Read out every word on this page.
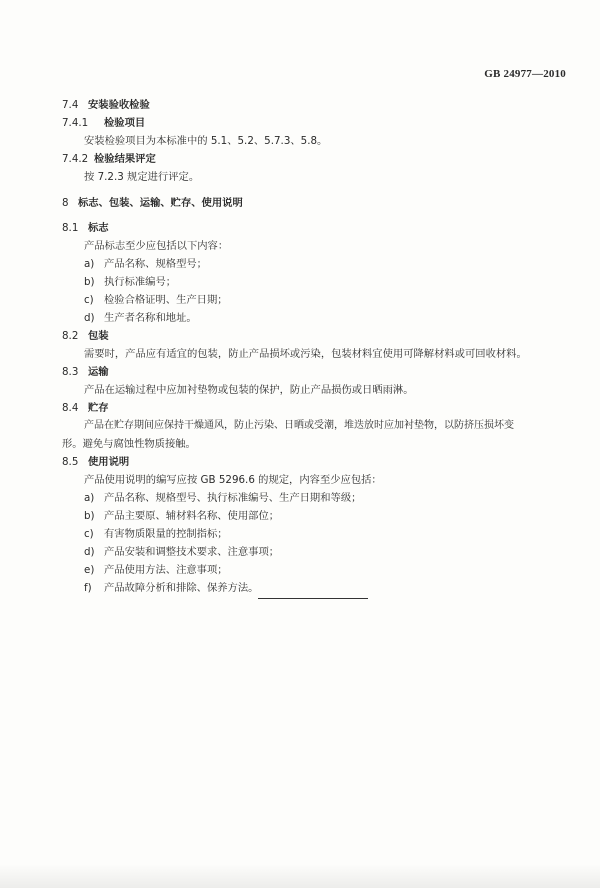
GB 24977—2010
7.4 安装验收检验
7.4.1 检验项目
安装检验项目为本标准中的 5.1、5.2、5.7.3、5.8。
7.4.2 检验结果评定
按 7.2.3 规定进行评定。
8 标志、包装、运输、贮存、使用说明
8.1 标志
产品标志至少应包括以下内容：
a) 产品名称、规格型号；
b) 执行标准编号；
c) 检验合格证明、生产日期；
d) 生产者名称和地址。
8.2 包装
需要时，产品应有适宜的包装，防止产品损坏或污染，包装材料宜使用可降解材料或可回收材料。
8.3 运输
产品在运输过程中应加衬垫物或包装的保护，防止产品损伤或日晒雨淋。
8.4 贮存
产品在贮存期间应保持干燥通风，防止污染、日晒或受潮，堆迭放时应加衬垫物，以防挤压损坏变
形。避免与腐蚀性物质接触。
8.5 使用说明
产品使用说明的编写应按 GB 5296.6 的规定，内容至少应包括：
a) 产品名称、规格型号、执行标准编号、生产日期和等级；
b) 产品主要原、辅材料名称、使用部位；
c) 有害物质限量的控制指标；
d) 产品安装和调整技术要求、注意事项；
e) 产品使用方法、注意事项；
f) 产品故障分析和排除、保养方法。
